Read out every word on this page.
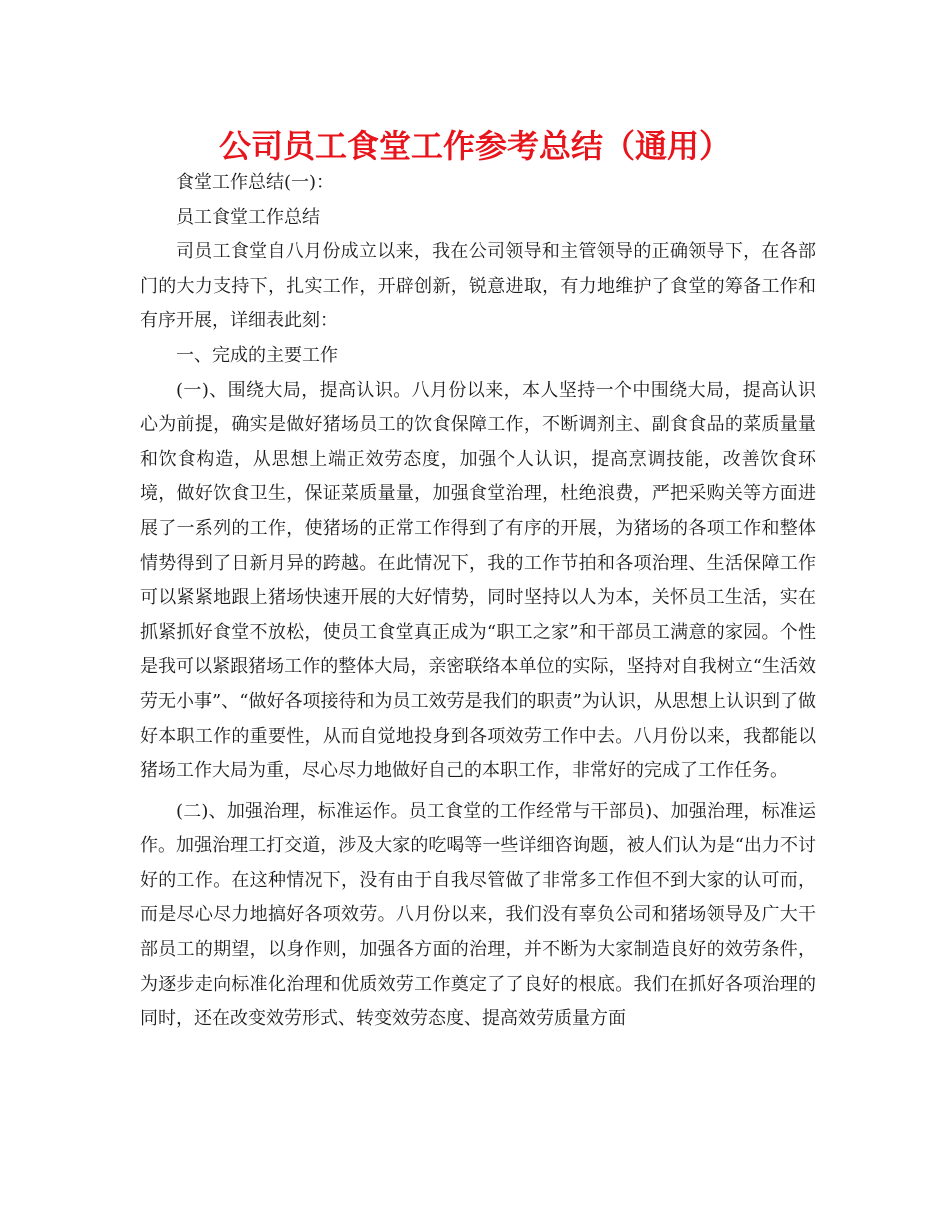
公司员工食堂工作参考总结（通用）

食堂工作总结(一)：

员工食堂工作总结

司员工食堂自八月份成立以来，我在公司领导和主管领导的正确领导下，在各部门的大力支持下，扎实工作，开辟创新，锐意进取，有力地维护了食堂的筹备工作和有序开展，详细表此刻：

一、完成的主要工作

(一)、围绕大局，提高认识。八月份以来，本人坚持一个中围绕大局，提高认识心为前提，确实是做好猪场员工的饮食保障工作，不断调剂主、副食食品的菜质量量和饮食构造，从思想上端正效劳态度，加强个人认识，提高烹调技能，改善饮食环境，做好饮食卫生，保证菜质量量，加强食堂治理，杜绝浪费，严把采购关等方面进展了一系列的工作，使猪场的正常工作得到了有序的开展，为猪场的各项工作和整体情势得到了日新月异的跨越。在此情况下，我的工作节拍和各项治理、生活保障工作可以紧紧地跟上猪场快速开展的大好情势，同时坚持以人为本，关怀员工生活，实在抓紧抓好食堂不放松，使员工食堂真正成为“职工之家”和干部员工满意的家园。个性是我可以紧跟猪场工作的整体大局，亲密联络本单位的实际，坚持对自我树立“生活效劳无小事”、“做好各项接待和为员工效劳是我们的职责”为认识，从思想上认识到了做好本职工作的重要性，从而自觉地投身到各项效劳工作中去。八月份以来，我都能以猪场工作大局为重，尽心尽力地做好自己的本职工作，非常好的完成了工作任务。

(二)、加强治理，标准运作。员工食堂的工作经常与干部员)、加强治理，标准运作。加强治理工打交道，涉及大家的吃喝等一些详细咨询题，被人们认为是“出力不讨好的工作。在这种情况下，没有由于自我尽管做了非常多工作但不到大家的认可而，而是尽心尽力地搞好各项效劳。八月份以来，我们没有辜负公司和猪场领导及广大干部员工的期望，以身作则，加强各方面的治理，并不断为大家制造良好的效劳条件，为逐步走向标准化治理和优质效劳工作奠定了了良好的根底。我们在抓好各项治理的同时，还在改变效劳形式、转变效劳态度、提高效劳质量方面
